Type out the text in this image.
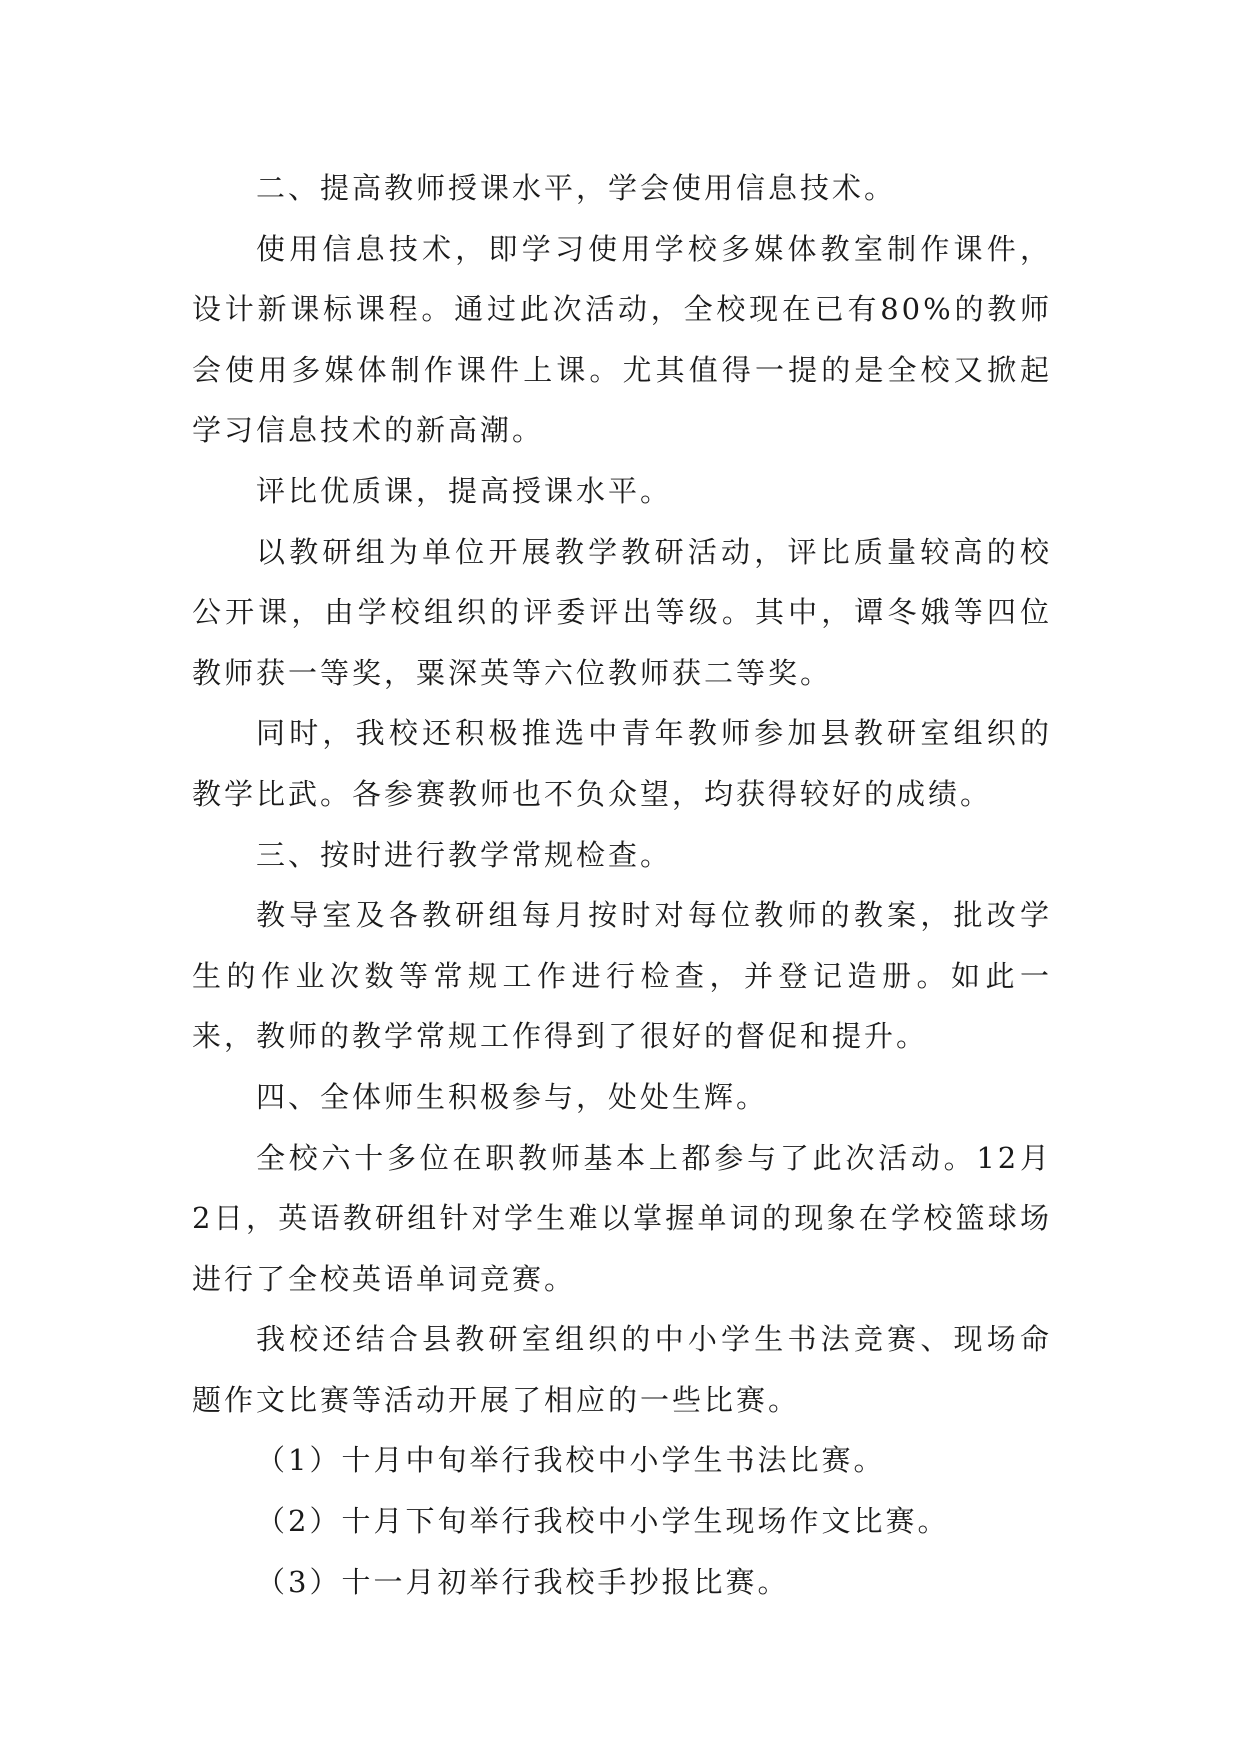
二、提高教师授课水平，学会使用信息技术。

使用信息技术，即学习使用学校多媒体教室制作课件，设计新课标课程。通过此次活动，全校现在已有80%的教师会使用多媒体制作课件上课。尤其值得一提的是全校又掀起学习信息技术的新高潮。

评比优质课，提高授课水平。

以教研组为单位开展教学教研活动，评比质量较高的校公开课，由学校组织的评委评出等级。其中，谭冬娥等四位教师获一等奖，粟深英等六位教师获二等奖。

同时，我校还积极推选中青年教师参加县教研室组织的教学比武。各参赛教师也不负众望，均获得较好的成绩。

三、按时进行教学常规检查。

教导室及各教研组每月按时对每位教师的教案，批改学生的作业次数等常规工作进行检查，并登记造册。如此一来，教师的教学常规工作得到了很好的督促和提升。

四、全体师生积极参与，处处生辉。

全校六十多位在职教师基本上都参与了此次活动。12月2日，英语教研组针对学生难以掌握单词的现象在学校篮球场进行了全校英语单词竞赛。

我校还结合县教研室组织的中小学生书法竞赛、现场命题作文比赛等活动开展了相应的一些比赛。

（1）十月中旬举行我校中小学生书法比赛。

（2）十月下旬举行我校中小学生现场作文比赛。

（3）十一月初举行我校手抄报比赛。
